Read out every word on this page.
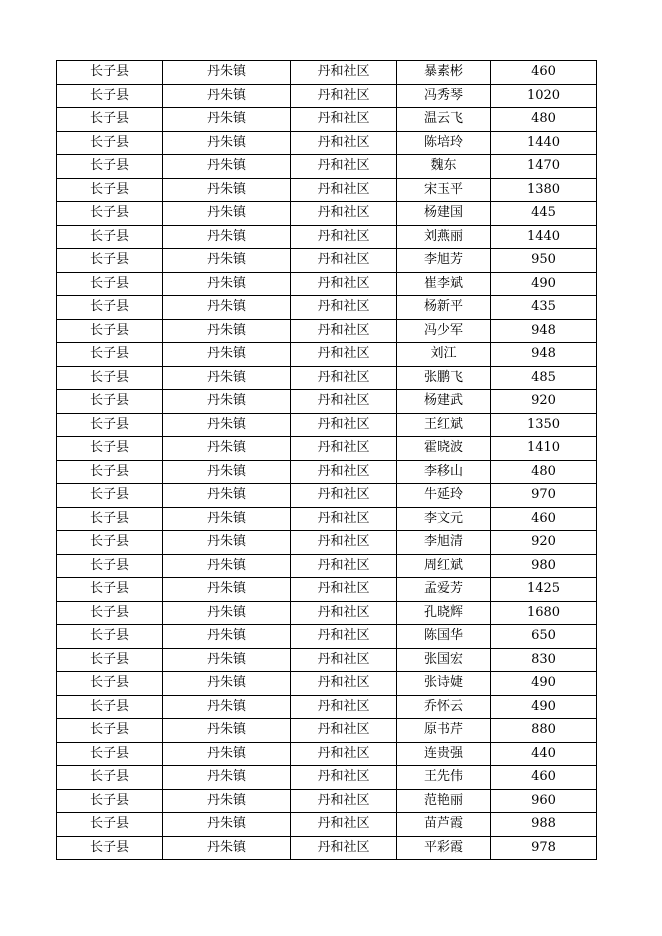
长子县	丹朱镇	丹和社区	暴素彬	460
长子县	丹朱镇	丹和社区	冯秀琴	1020
长子县	丹朱镇	丹和社区	温云飞	480
长子县	丹朱镇	丹和社区	陈培玲	1440
长子县	丹朱镇	丹和社区	魏东	1470
长子县	丹朱镇	丹和社区	宋玉平	1380
长子县	丹朱镇	丹和社区	杨建国	445
长子县	丹朱镇	丹和社区	刘燕丽	1440
长子县	丹朱镇	丹和社区	李旭芳	950
长子县	丹朱镇	丹和社区	崔李斌	490
长子县	丹朱镇	丹和社区	杨新平	435
长子县	丹朱镇	丹和社区	冯少军	948
长子县	丹朱镇	丹和社区	刘江	948
长子县	丹朱镇	丹和社区	张鹏飞	485
长子县	丹朱镇	丹和社区	杨建武	920
长子县	丹朱镇	丹和社区	王红斌	1350
长子县	丹朱镇	丹和社区	霍晓波	1410
长子县	丹朱镇	丹和社区	李移山	480
长子县	丹朱镇	丹和社区	牛延玲	970
长子县	丹朱镇	丹和社区	李文元	460
长子县	丹朱镇	丹和社区	李旭清	920
长子县	丹朱镇	丹和社区	周红斌	980
长子县	丹朱镇	丹和社区	孟爱芳	1425
长子县	丹朱镇	丹和社区	孔晓辉	1680
长子县	丹朱镇	丹和社区	陈国华	650
长子县	丹朱镇	丹和社区	张国宏	830
长子县	丹朱镇	丹和社区	张诗婕	490
长子县	丹朱镇	丹和社区	乔怀云	490
长子县	丹朱镇	丹和社区	原书芹	880
长子县	丹朱镇	丹和社区	连贵强	440
长子县	丹朱镇	丹和社区	王先伟	460
长子县	丹朱镇	丹和社区	范艳丽	960
长子县	丹朱镇	丹和社区	苗芦霞	988
长子县	丹朱镇	丹和社区	平彩霞	978
